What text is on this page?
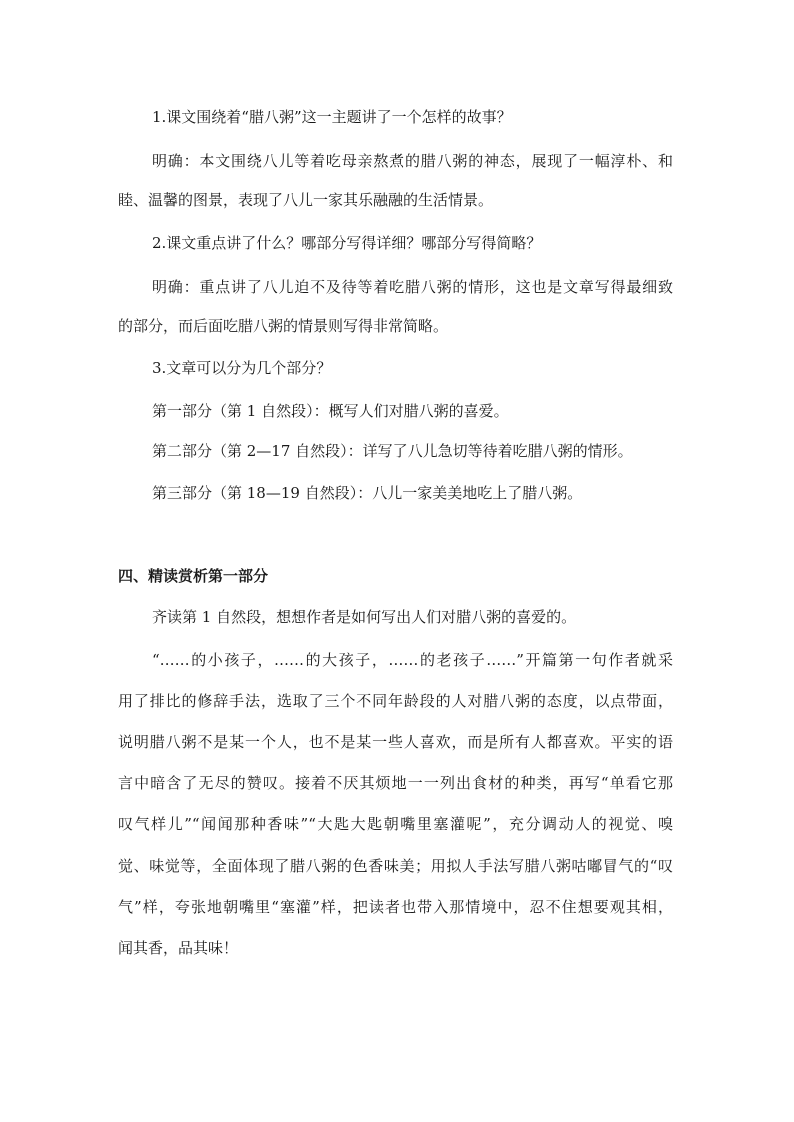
1.课文围绕着“腊八粥”这一主题讲了一个怎样的故事？
明确：本文围绕八儿等着吃母亲熬煮的腊八粥的神态，展现了一幅淳朴、和
睦、温馨的图景，表现了八儿一家其乐融融的生活情景。
2.课文重点讲了什么？哪部分写得详细？哪部分写得简略？
明确：重点讲了八儿迫不及待等着吃腊八粥的情形，这也是文章写得最细致
的部分，而后面吃腊八粥的情景则写得非常简略。
3.文章可以分为几个部分？
第一部分（第 1 自然段）：概写人们对腊八粥的喜爱。
第二部分（第 2—17 自然段）：详写了八儿急切等待着吃腊八粥的情形。
第三部分（第 18—19 自然段）：八儿一家美美地吃上了腊八粥。
四、精读赏析第一部分
齐读第 1 自然段，想想作者是如何写出人们对腊八粥的喜爱的。
“……的小孩子，……的大孩子，……的老孩子……”开篇第一句作者就采
用了排比的修辞手法，选取了三个不同年龄段的人对腊八粥的态度，以点带面，
说明腊八粥不是某一个人，也不是某一些人喜欢，而是所有人都喜欢。平实的语
言中暗含了无尽的赞叹。接着不厌其烦地一一列出食材的种类，再写“单看它那
叹气样儿”“闻闻那种香味”“大匙大匙朝嘴里塞灌呢”，充分调动人的视觉、嗅
觉、味觉等，全面体现了腊八粥的色香味美；用拟人手法写腊八粥咕嘟冒气的“叹
气”样，夸张地朝嘴里“塞灌”样，把读者也带入那情境中，忍不住想要观其相，
闻其香，品其味！
